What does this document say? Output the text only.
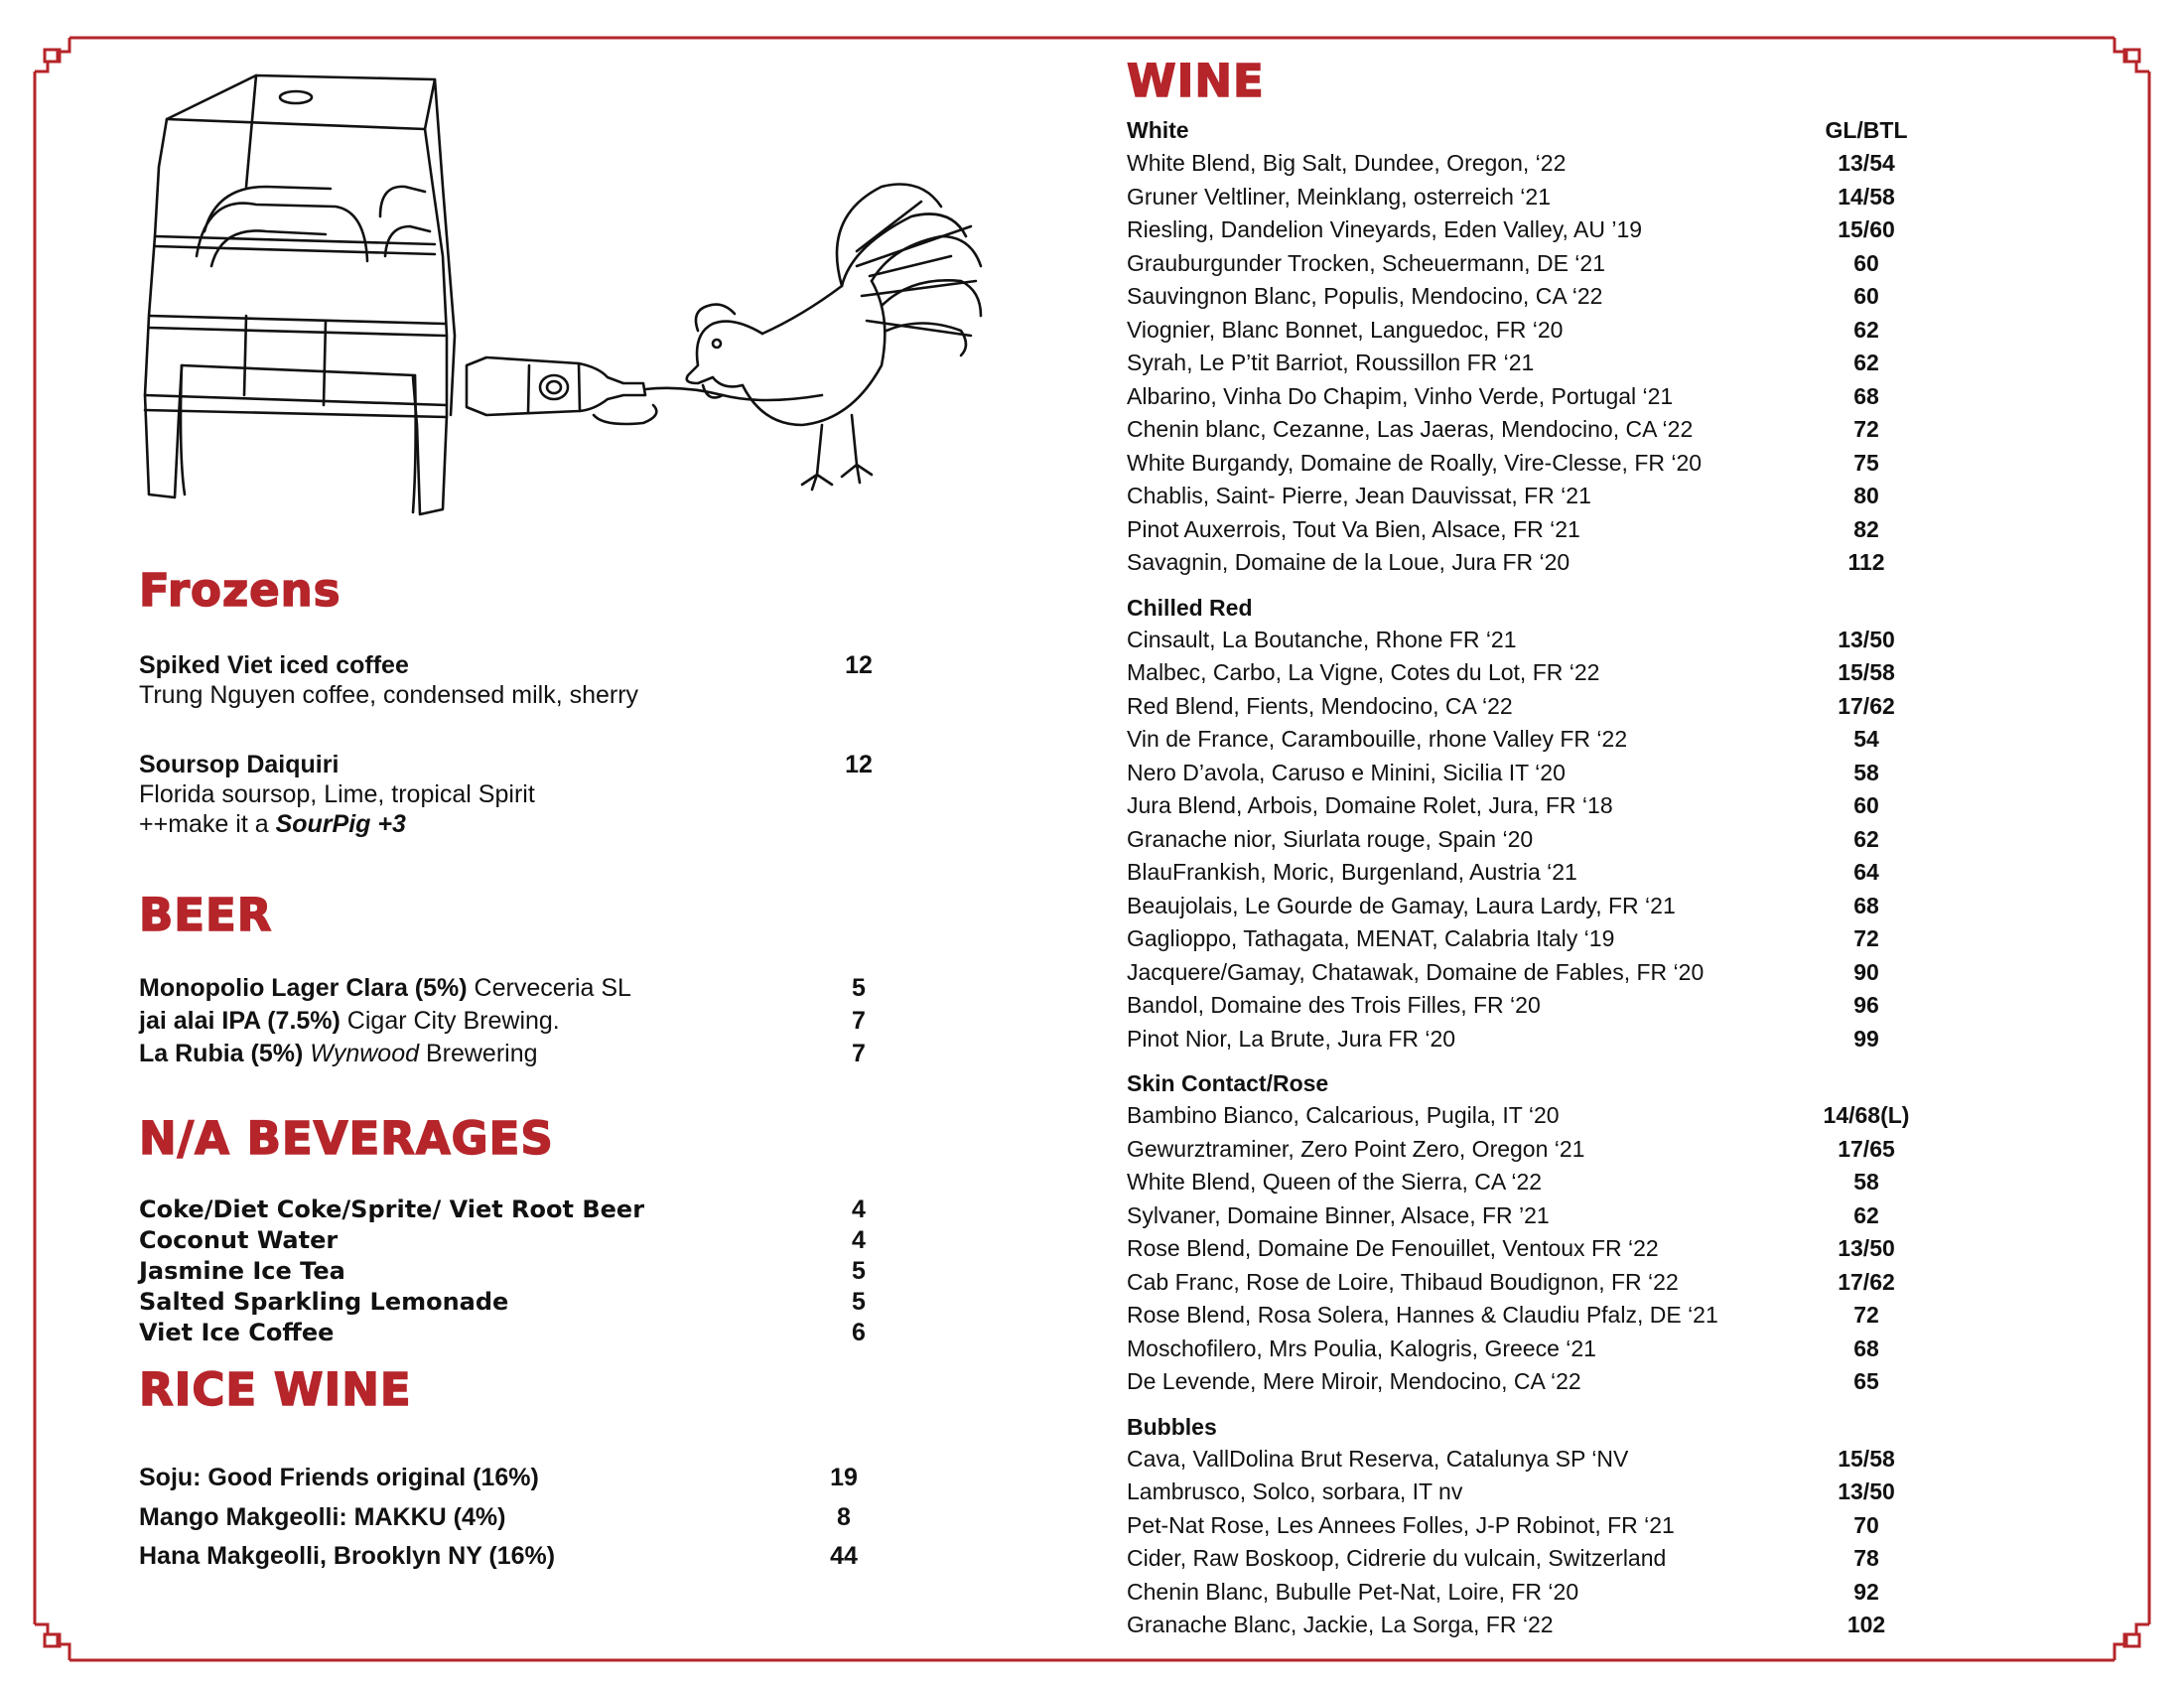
Frozens
Spiked Viet iced coffee	12
Trung Nguyen coffee, condensed milk, sherry
Soursop Daiquiri	12
Florida soursop, Lime, tropical Spirit
++make it a SourPig +3
BEER
Monopolio Lager Clara (5%) Cerveceria SL	5
jai alai IPA (7.5%) Cigar City Brewing.	7
La Rubia (5%) Wynwood Brewering	7
N/A BEVERAGES
Coke/Diet Coke/Sprite/ Viet Root Beer	4
Coconut Water	4
Jasmine Ice Tea	5
Salted Sparkling Lemonade	5
Viet Ice Coffee	6
RICE WINE
Soju: Good Friends original (16%)	19
Mango Makgeolli: MAKKU (4%)	8
Hana Makgeolli, Brooklyn NY (16%)	44
WINE
White	GL/BTL
White Blend, Big Salt, Dundee, Oregon, ‘22	13/54
Gruner Veltliner, Meinklang, osterreich ‘21	14/58
Riesling, Dandelion Vineyards, Eden Valley, AU ’19	15/60
Grauburgunder Trocken, Scheuermann, DE ‘21	60
Sauvingnon Blanc, Populis, Mendocino, CA ‘22	60
Viognier, Blanc Bonnet, Languedoc, FR ‘20	62
Syrah, Le P’tit Barriot, Roussillon FR ‘21	62
Albarino, Vinha Do Chapim, Vinho Verde, Portugal ‘21	68
Chenin blanc, Cezanne, Las Jaeras, Mendocino, CA ‘22	72
White Burgandy, Domaine de Roally, Vire-Clesse, FR ‘20	75
Chablis, Saint- Pierre, Jean Dauvissat, FR ‘21	80
Pinot Auxerrois, Tout Va Bien, Alsace, FR ‘21	82
Savagnin, Domaine de la Loue, Jura FR ‘20	112
Chilled Red
Cinsault, La Boutanche, Rhone FR ‘21	13/50
Malbec, Carbo, La Vigne, Cotes du Lot, FR ‘22	15/58
Red Blend, Fients, Mendocino, CA ‘22	17/62
Vin de France, Carambouille, rhone Valley FR ‘22	54
Nero D’avola, Caruso e Minini, Sicilia IT ‘20	58
Jura Blend, Arbois, Domaine Rolet, Jura, FR ‘18	60
Granache nior, Siurlata rouge, Spain ‘20	62
BlauFrankish, Moric, Burgenland, Austria ‘21	64
Beaujolais, Le Gourde de Gamay, Laura Lardy, FR ‘21	68
Gaglioppo, Tathagata, MENAT, Calabria Italy ‘19	72
Jacquere/Gamay, Chatawak, Domaine de Fables, FR ‘20	90
Bandol, Domaine des Trois Filles, FR ‘20	96
Pinot Nior, La Brute, Jura FR ‘20	99
Skin Contact/Rose
Bambino Bianco, Calcarious, Pugila, IT ‘20	14/68(L)
Gewurztraminer, Zero Point Zero, Oregon ‘21	17/65
White Blend, Queen of the Sierra, CA ‘22	58
Sylvaner, Domaine Binner, Alsace, FR ’21	62
Rose Blend, Domaine De Fenouillet, Ventoux FR ‘22	13/50
Cab Franc, Rose de Loire, Thibaud Boudignon, FR ‘22	17/62
Rose Blend, Rosa Solera, Hannes & Claudiu Pfalz, DE ‘21	72
Moschofilero, Mrs Poulia, Kalogris, Greece ‘21	68
De Levende, Mere Miroir, Mendocino, CA ‘22	65
Bubbles
Cava, VallDolina Brut Reserva, Catalunya SP ‘NV	15/58
Lambrusco, Solco, sorbara, IT nv	13/50
Pet-Nat Rose, Les Annees Folles, J-P Robinot, FR ‘21	70
Cider, Raw Boskoop, Cidrerie du vulcain, Switzerland	78
Chenin Blanc, Bubulle Pet-Nat, Loire, FR ‘20	92
Granache Blanc, Jackie, La Sorga, FR ‘22	102
